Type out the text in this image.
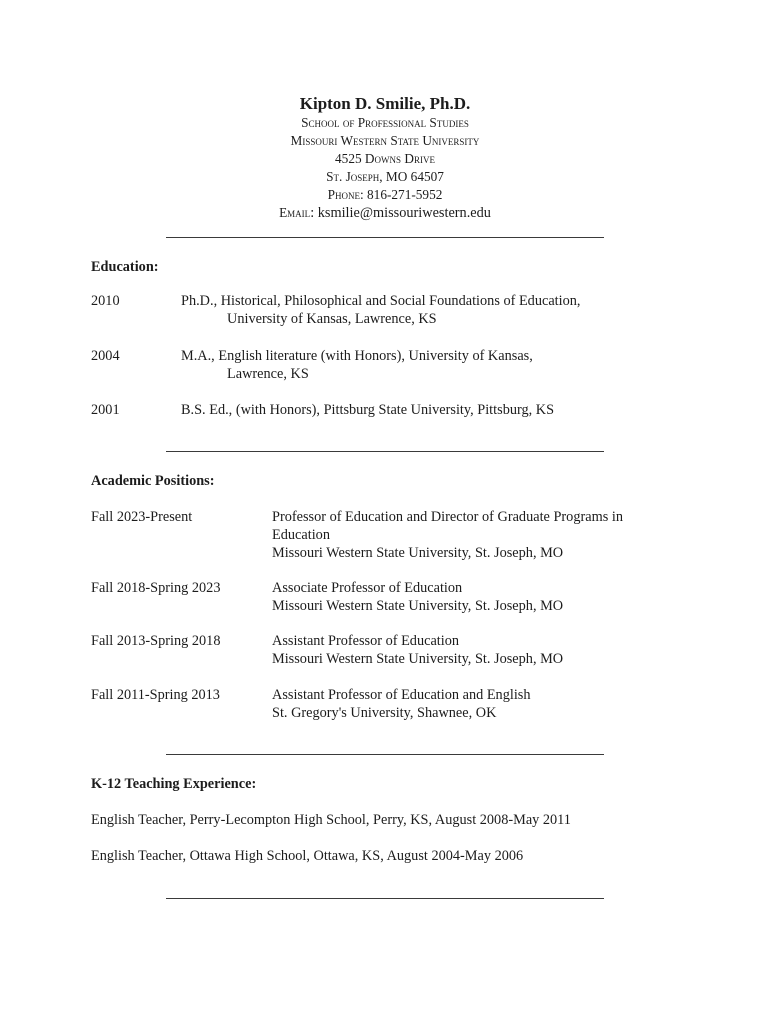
Kipton D. Smilie, Ph.D.
School of Professional Studies
Missouri Western State University
4525 Downs Drive
St. Joseph, MO 64507
Phone: 816-271-5952
Email: ksmilie@missouriwestern.edu
Education:
2010	Ph.D., Historical, Philosophical and Social Foundations of Education,
University of Kansas, Lawrence, KS
2004	M.A., English literature (with Honors), University of Kansas,
Lawrence, KS
2001	B.S. Ed., (with Honors), Pittsburg State University, Pittsburg, KS
Academic Positions:
Fall 2023-Present	Professor of Education and Director of Graduate Programs in
Education
Missouri Western State University, St. Joseph, MO
Fall 2018-Spring 2023	Associate Professor of Education
Missouri Western State University, St. Joseph, MO
Fall 2013-Spring 2018	Assistant Professor of Education
Missouri Western State University, St. Joseph, MO
Fall 2011-Spring 2013	Assistant Professor of Education and English
St. Gregory's University, Shawnee, OK
K-12 Teaching Experience:
English Teacher, Perry-Lecompton High School, Perry, KS, August 2008-May 2011
English Teacher, Ottawa High School, Ottawa, KS, August 2004-May 2006
